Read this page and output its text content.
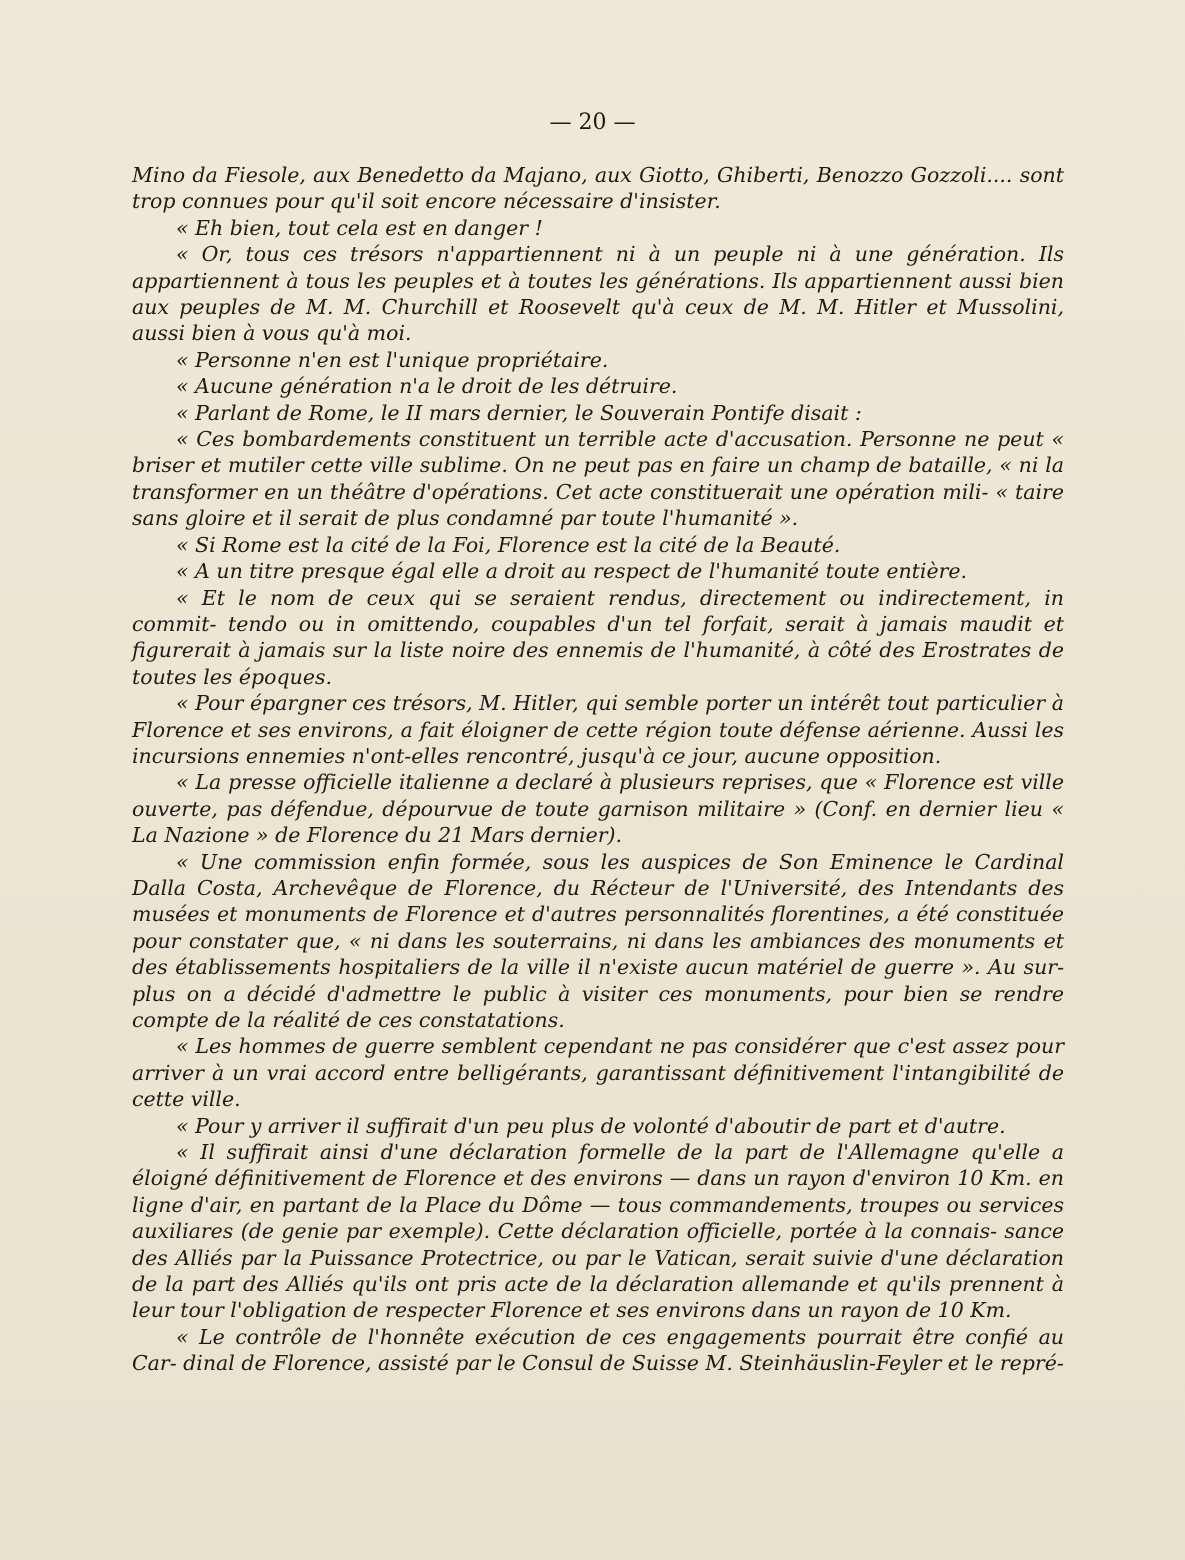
— 20 —

Mino da Fiesole, aux Benedetto da Majano, aux Giotto, Ghiberti, Benozzo Gozzoli.... sont trop connues pour qu'il soit encore nécessaire d'insister.

« Eh bien, tout cela est en danger !

« Or, tous ces trésors n'appartiennent ni à un peuple ni à une génération. Ils appartiennent à tous les peuples et à toutes les générations. Ils appartiennent aussi bien aux peuples de M. M. Churchill et Roosevelt qu'à ceux de M. M. Hitler et Mussolini, aussi bien à vous qu'à moi.

« Personne n'en est l'unique propriétaire.

« Aucune génération n'a le droit de les détruire.

« Parlant de Rome, le II mars dernier, le Souverain Pontife disait :

« Ces bombardements constituent un terrible acte d'accusation. Personne ne peut « briser et mutiler cette ville sublime. On ne peut pas en faire un champ de bataille, « ni la transformer en un théâtre d'opérations. Cet acte constituerait une opération mili- « taire sans gloire et il serait de plus condamné par toute l'humanité ».

« Si Rome est la cité de la Foi, Florence est la cité de la Beauté.

« A un titre presque égal elle a droit au respect de l'humanité toute entière.

« Et le nom de ceux qui se seraient rendus, directement ou indirectement, in commit- tendo ou in omittendo, coupables d'un tel forfait, serait à jamais maudit et figurerait à jamais sur la liste noire des ennemis de l'humanité, à côté des Erostrates de toutes les époques.

« Pour épargner ces trésors, M. Hitler, qui semble porter un intérêt tout particulier à Florence et ses environs, a fait éloigner de cette région toute défense aérienne. Aussi les incursions ennemies n'ont-elles rencontré, jusqu'à ce jour, aucune opposition.

« La presse officielle italienne a declaré à plusieurs reprises, que « Florence est ville ouverte, pas défendue, dépourvue de toute garnison militaire » (Conf. en dernier lieu « La Nazione » de Florence du 21 Mars dernier).

« Une commission enfin formée, sous les auspices de Son Eminence le Cardinal Dalla Costa, Archevêque de Florence, du Récteur de l'Université, des Intendants des musées et monuments de Florence et d'autres personnalités florentines, a été constituée pour constater que, « ni dans les souterrains, ni dans les ambiances des monuments et des établissements hospitaliers de la ville il n'existe aucun matériel de guerre ». Au sur- plus on a décidé d'admettre le public à visiter ces monuments, pour bien se rendre compte de la réalité de ces constatations.

« Les hommes de guerre semblent cependant ne pas considérer que c'est assez pour arriver à un vrai accord entre belligérants, garantissant définitivement l'intangibilité de cette ville.

« Pour y arriver il suffirait d'un peu plus de volonté d'aboutir de part et d'autre.

« Il suffirait ainsi d'une déclaration formelle de la part de l'Allemagne qu'elle a éloigné définitivement de Florence et des environs — dans un rayon d'environ 10 Km. en ligne d'air, en partant de la Place du Dôme — tous commandements, troupes ou services auxiliares (de genie par exemple). Cette déclaration officielle, portée à la connais- sance des Alliés par la Puissance Protectrice, ou par le Vatican, serait suivie d'une déclaration de la part des Alliés qu'ils ont pris acte de la déclaration allemande et qu'ils prennent à leur tour l'obligation de respecter Florence et ses environs dans un rayon de 10 Km.

« Le contrôle de l'honnête exécution de ces engagements pourrait être confié au Car- dinal de Florence, assisté par le Consul de Suisse M. Steinhäuslin-Feyler et le repré-
